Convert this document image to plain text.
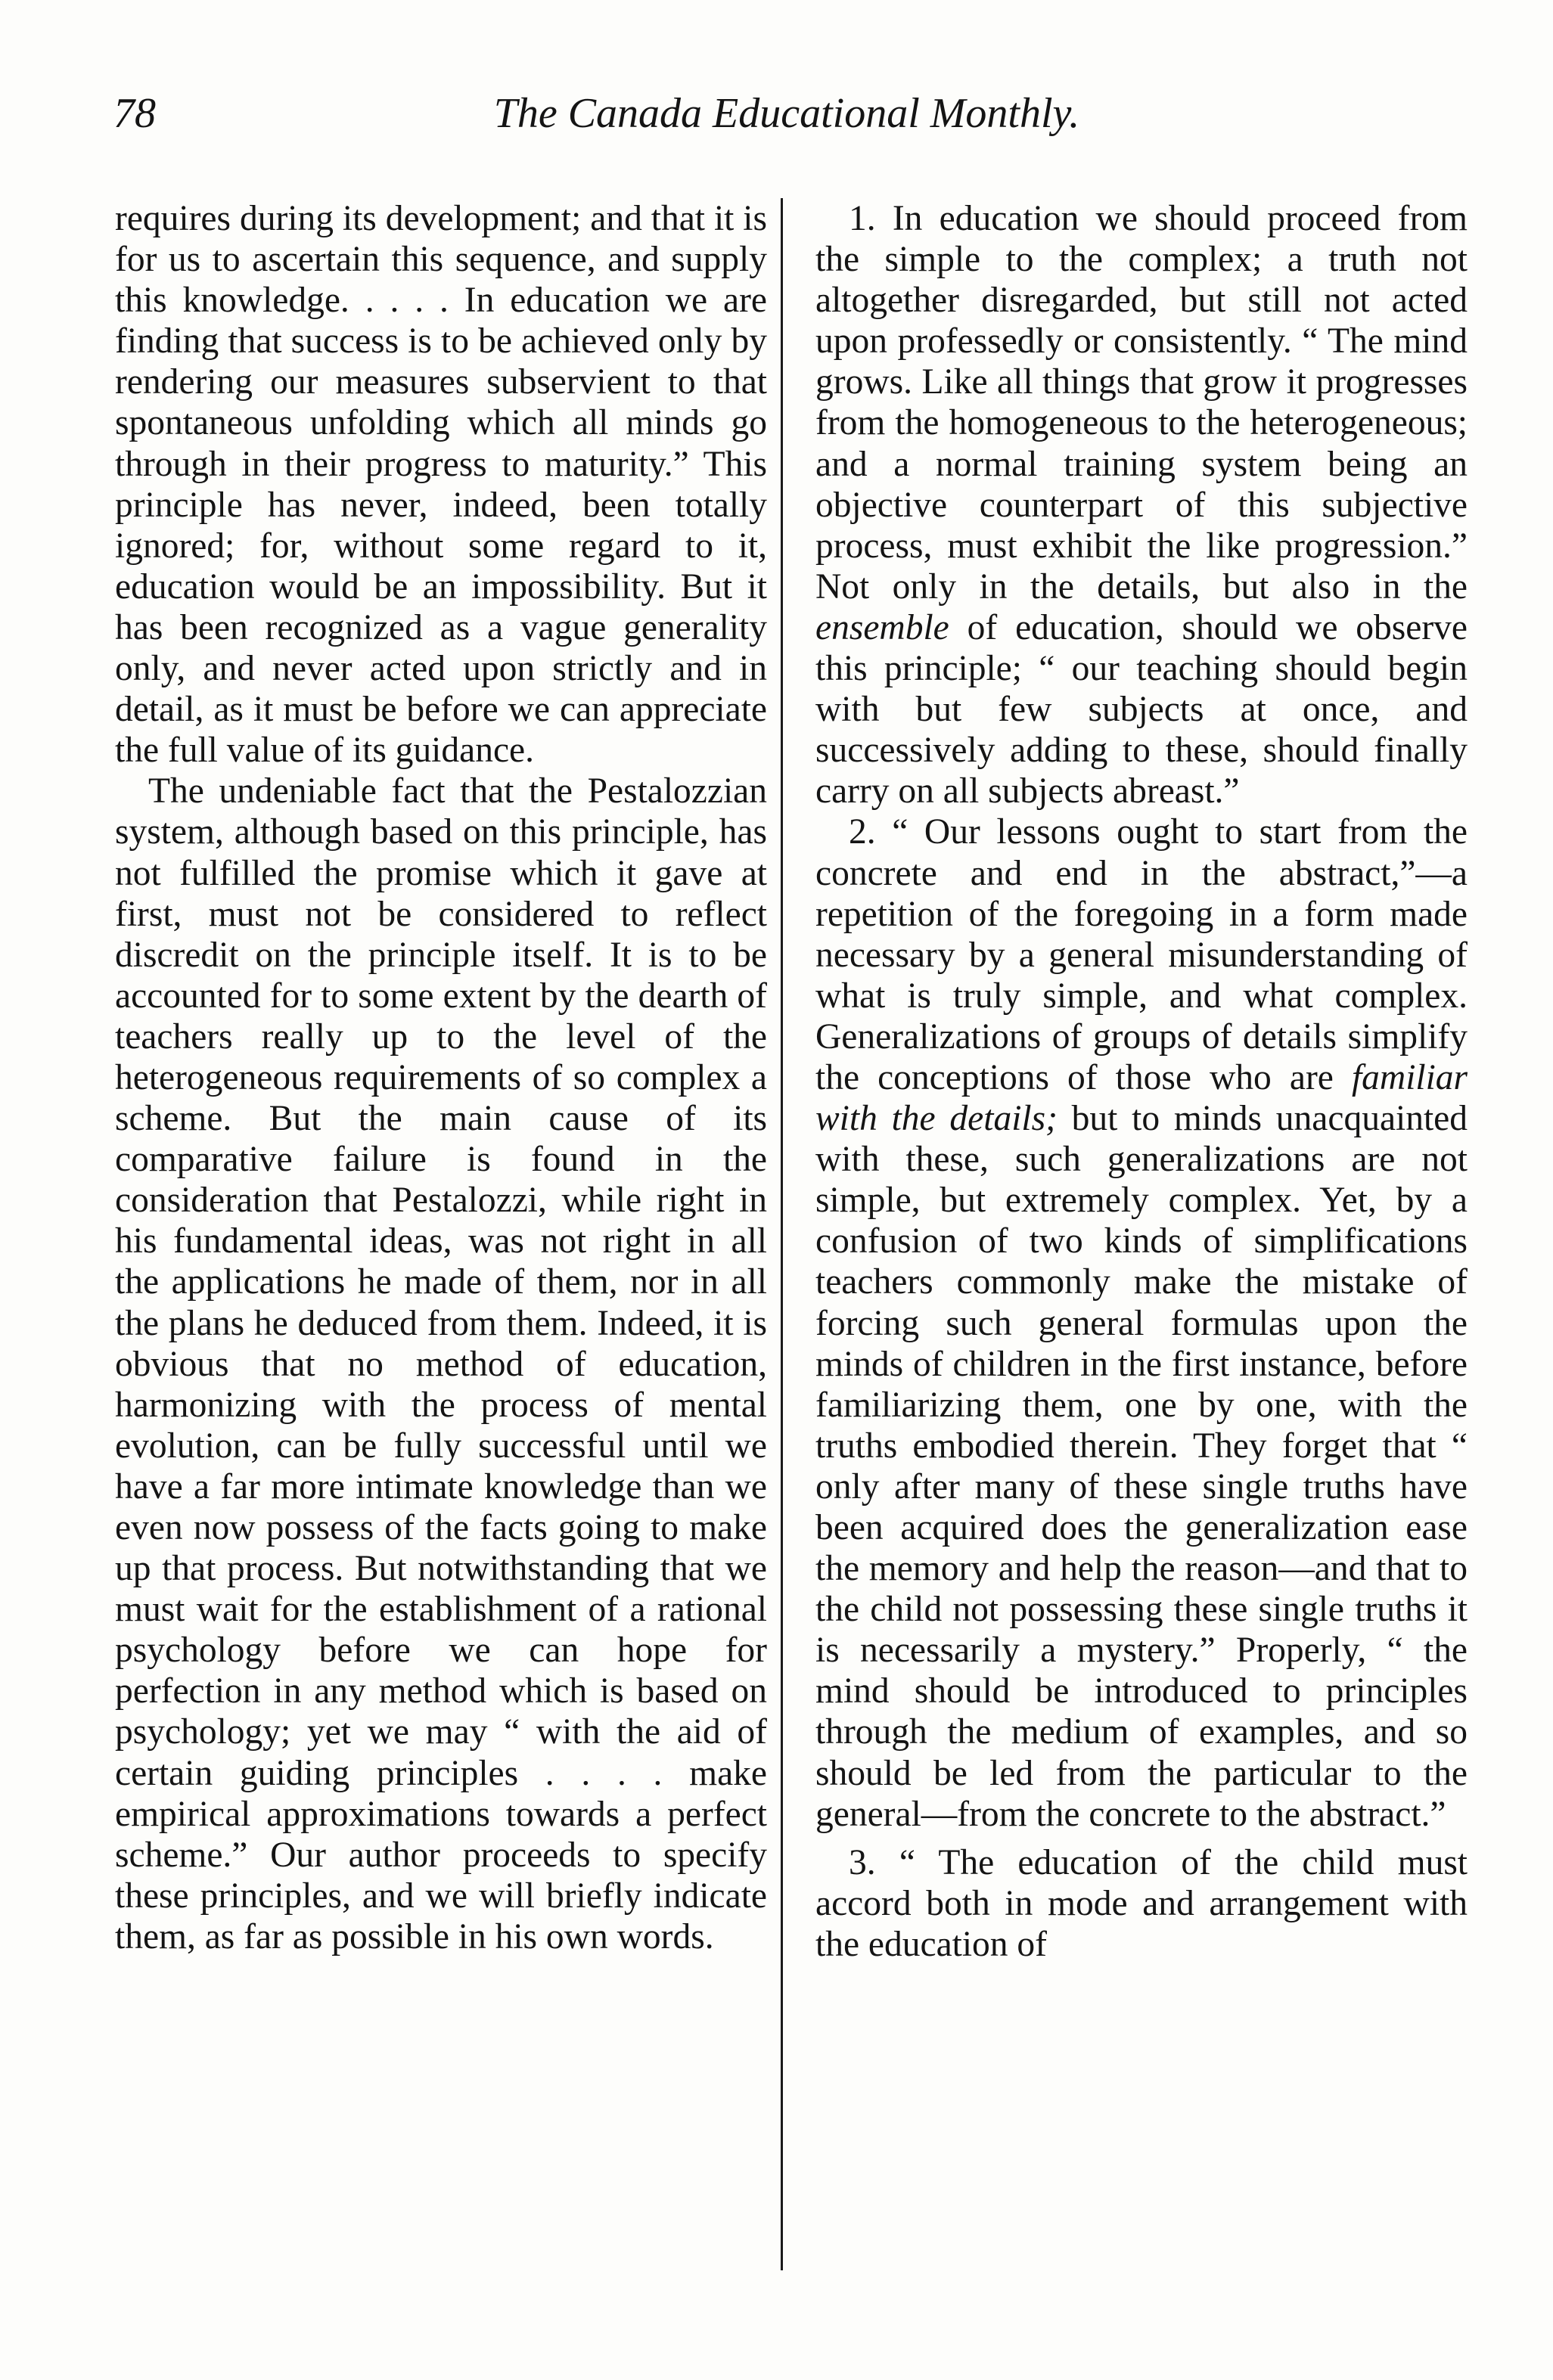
78	The Canada Educational Monthly.

requires during its development; and that it is for us to ascertain this sequence, and supply this knowledge. . . . . In education we are finding that success is to be achieved only by rendering our measures subservient to that spontaneous unfolding which all minds go through in their progress to maturity.” This principle has never, indeed, been totally ignored; for, without some regard to it, education would be an impossibility. But it has been recognized as a vague generality only, and never acted upon strictly and in detail, as it must be before we can appreciate the full value of its guidance.

The undeniable fact that the Pestalozzian system, although based on this principle, has not fulfilled the promise which it gave at first, must not be considered to reflect discredit on the principle itself. It is to be accounted for to some extent by the dearth of teachers really up to the level of the heterogeneous requirements of so complex a scheme. But the main cause of its comparative failure is found in the consideration that Pestalozzi, while right in his fundamental ideas, was not right in all the applications he made of them, nor in all the plans he deduced from them. Indeed, it is obvious that no method of education, harmonizing with the process of mental evolution, can be fully successful until we have a far more intimate knowledge than we even now possess of the facts going to make up that process. But notwithstanding that we must wait for the establishment of a rational psychology before we can hope for perfection in any method which is based on psychology; yet we may “ with the aid of certain guiding principles . . . . make empirical approximations towards a perfect scheme.” Our author proceeds to specify these principles, and we will briefly indicate them, as far as possible in his own words.

1. In education we should proceed from the simple to the complex; a truth not altogether disregarded, but still not acted upon professedly or consistently. “ The mind grows. Like all things that grow it progresses from the homogeneous to the heterogeneous; and a normal training system being an objective counterpart of this subjective process, must exhibit the like progression.” Not only in the details, but also in the ensemble of education, should we observe this principle; “ our teaching should begin with but few subjects at once, and successively adding to these, should finally carry on all subjects abreast.”

2. “ Our lessons ought to start from the concrete and end in the abstract,”—a repetition of the foregoing in a form made necessary by a general misunderstanding of what is truly simple, and what complex. Generalizations of groups of details simplify the conceptions of those who are familiar with the details; but to minds unacquainted with these, such generalizations are not simple, but extremely complex. Yet, by a confusion of two kinds of simplifications teachers commonly make the mistake of forcing such general formulas upon the minds of children in the first instance, before familiarizing them, one by one, with the truths embodied therein. They forget that “ only after many of these single truths have been acquired does the generalization ease the memory and help the reason—and that to the child not possessing these single truths it is necessarily a mystery.” Properly, “ the mind should be introduced to principles through the medium of examples, and so should be led from the particular to the general—from the concrete to the abstract.”

3. “ The education of the child must accord both in mode and arrangement with the education of
